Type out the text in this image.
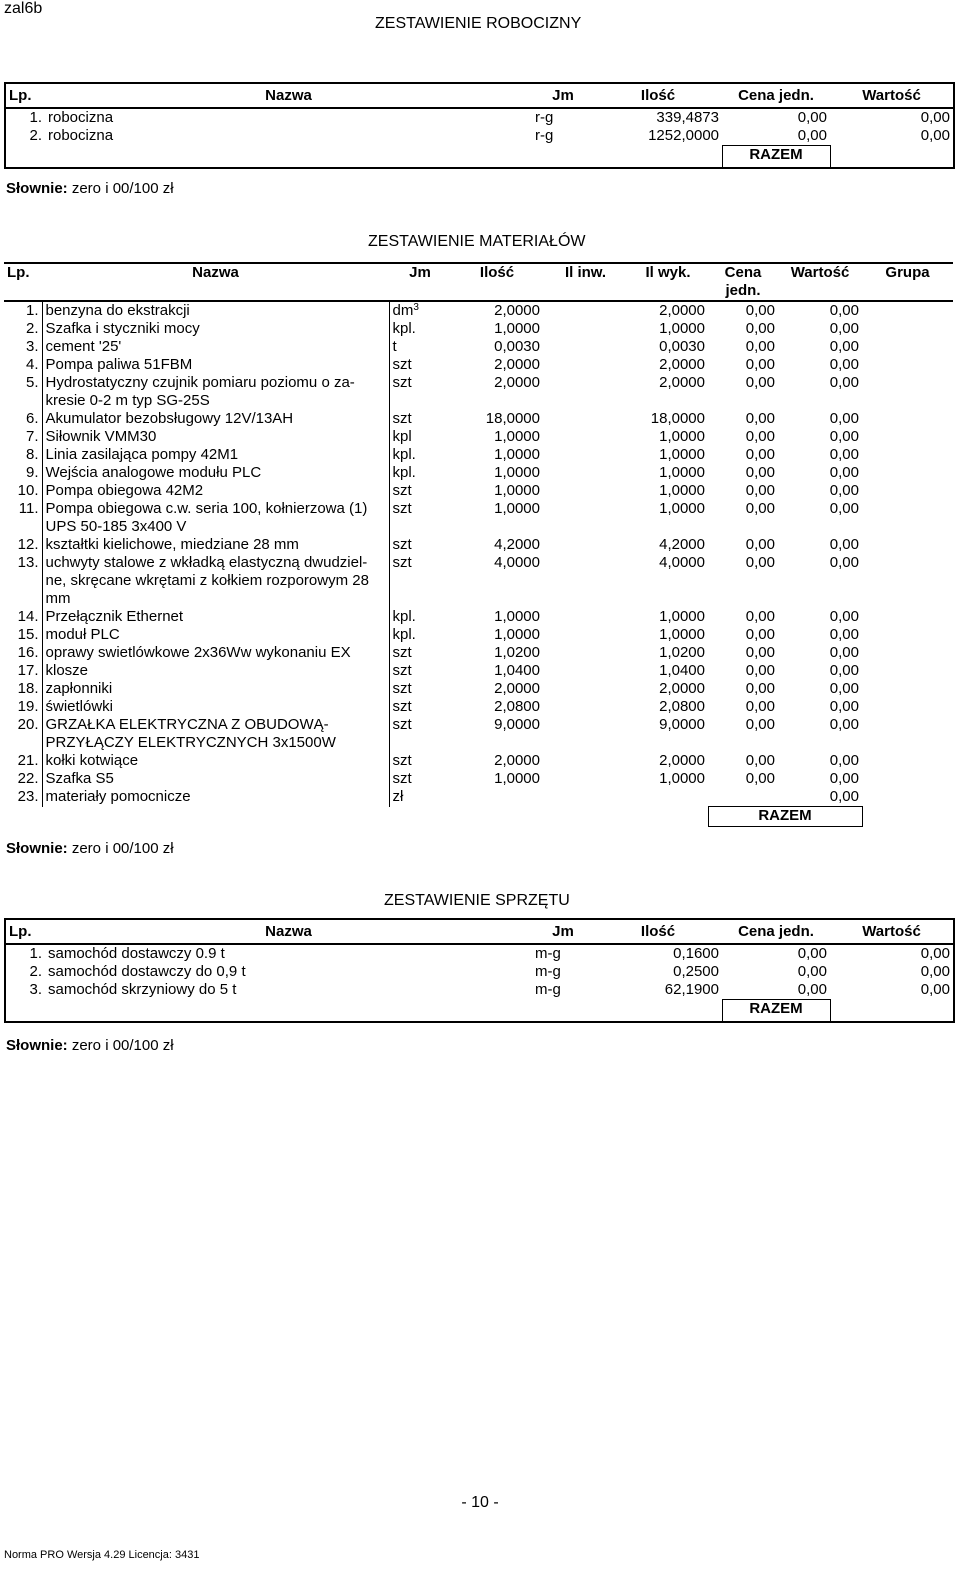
zal6b
ZESTAWIENIE ROBOCIZNY
Lp.	Nazwa	Jm	Ilość	Cena jedn.	Wartość
1.	robocizna	r-g	339,4873	0,00	0,00
2.	robocizna	r-g	1252,0000	0,00	0,00
				RAZEM	
Słownie: zero i 00/100 zł
ZESTAWIENIE MATERIAŁÓW
Lp.	Nazwa	Jm	Ilość	Il inw.	Il wyk.	Cena jedn.	Wartość	Grupa
1.	benzyna do ekstrakcji	$dm^3$	2,0000		2,0000	0,00	0,00	
2.	Szafka i styczniki mocy	kpl.	1,0000		1,0000	0,00	0,00	
3.	cement '25'	t	0,0030		0,0030	0,00	0,00	
4.	Pompa paliwa 51FBM	szt	2,0000		2,0000	0,00	0,00	
5.	Hydrostatyczny czujnik pomiaru poziomu o za-kresie 0-2 m typ SG-25S	szt	2,0000		2,0000	0,00	0,00	
6.	Akumulator bezobsługowy 12V/13AH	szt	18,0000		18,0000	0,00	0,00	
7.	Siłownik VMM30	kpl	1,0000		1,0000	0,00	0,00	
8.	Linia zasilająca pompy 42M1	kpl.	1,0000		1,0000	0,00	0,00	
9.	Wejścia analogowe modułu PLC	kpl.	1,0000		1,0000	0,00	0,00	
10.	Pompa obiegowa 42M2	szt	1,0000		1,0000	0,00	0,00	
11.	Pompa obiegowa c.w. seria 100, kołnierzowa (1) UPS 50-185 3x400 V	szt	1,0000		1,0000	0,00	0,00	
12.	kształtki kielichowe, miedziane 28 mm	szt	4,2000		4,2000	0,00	0,00	
13.	uchwyty stalowe z wkładką elastyczną dwudziel-ne, skręcane wkrętami z kołkiem rozporowym 28 mm	szt	4,0000		4,0000	0,00	0,00	
14.	Przełącznik Ethernet	kpl.	1,0000		1,0000	0,00	0,00	
15.	moduł PLC	kpl.	1,0000		1,0000	0,00	0,00	
16.	oprawy swietlówkowe 2x36Ww wykonaniu EX	szt	1,0200		1,0200	0,00	0,00	
17.	klosze	szt	1,0400		1,0400	0,00	0,00	
18.	zapłonniki	szt	2,0000		2,0000	0,00	0,00	
19.	świetlówki	szt	2,0800		2,0800	0,00	0,00	
20.	GRZAŁKA ELEKTRYCZNA Z OBUDOWĄ-PRZYŁĄCZY ELEKTRYCZNYCH 3x1500W	szt	9,0000		9,0000	0,00	0,00	
21.	kołki kotwiące	szt	2,0000		2,0000	0,00	0,00	
22.	Szafka S5	szt	1,0000		1,0000	0,00	0,00	
23.	materiały pomocnicze	zł					0,00	
						RAZEM		
Słownie: zero i 00/100 zł
ZESTAWIENIE SPRZĘTU
Lp.	Nazwa	Jm	Ilość	Cena jedn.	Wartość
1.	samochód dostawczy 0.9 t	m-g	0,1600	0,00	0,00
2.	samochód dostawczy do 0,9 t	m-g	0,2500	0,00	0,00
3.	samochód skrzyniowy do 5 t	m-g	62,1900	0,00	0,00
				RAZEM	
Słownie: zero i 00/100 zł
- 10 -
Norma PRO Wersja 4.29 Licencja: 3431
